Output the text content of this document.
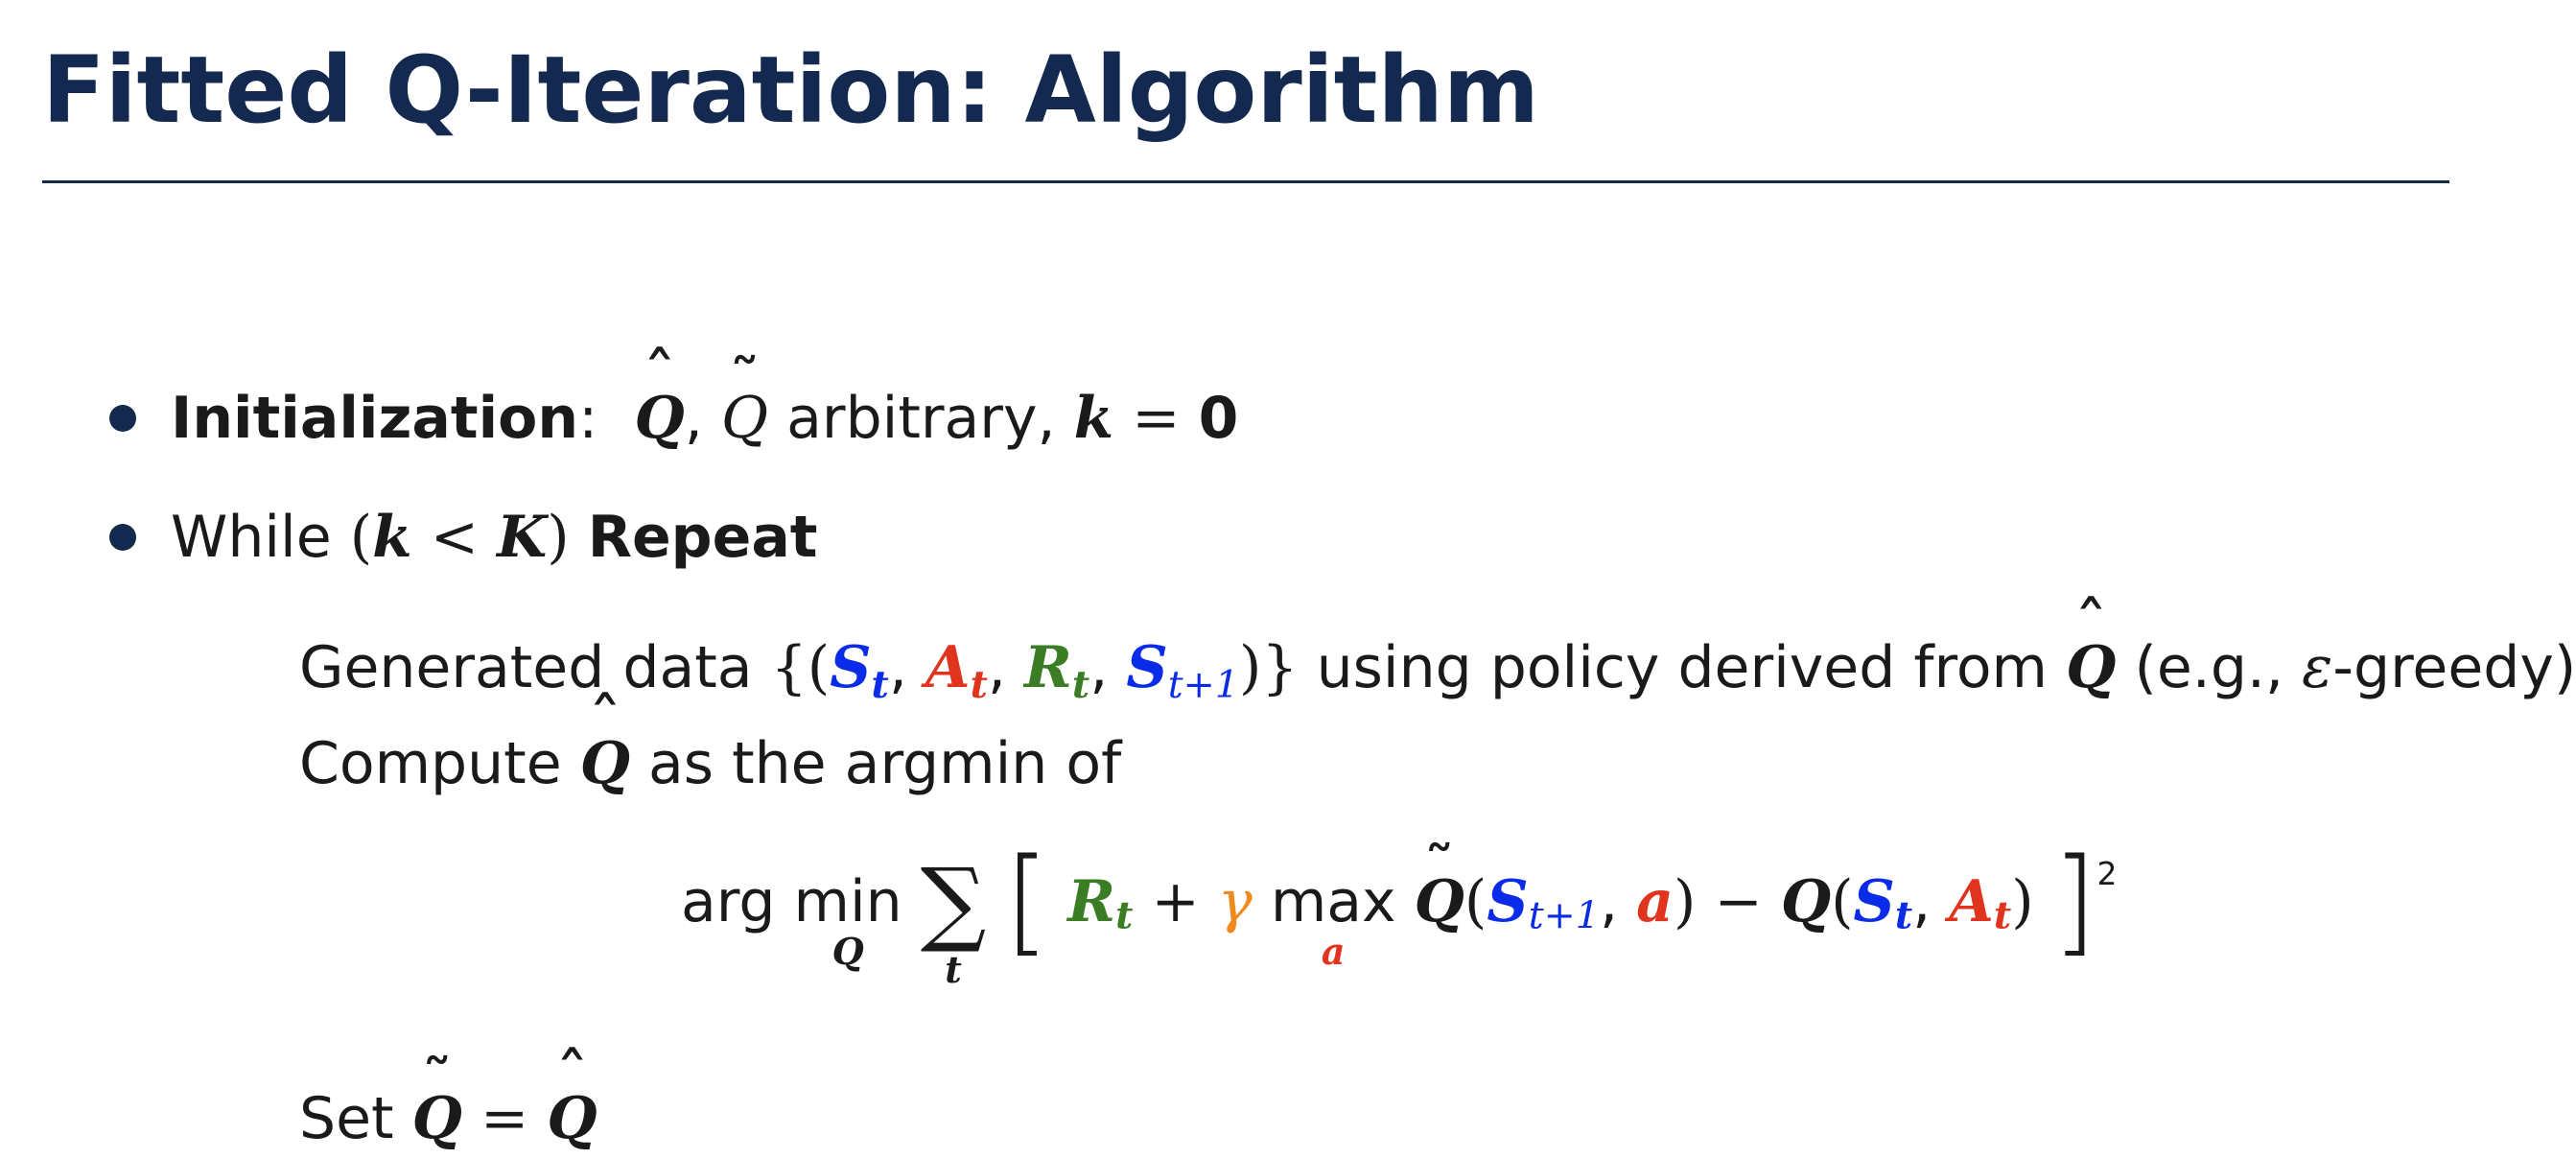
Fitted Q-Iteration: Algorithm
Initialization: ˆ Q, ˜ Q arbitrary, k = 0
While (k < K) Repeat
Generated data {($S_t$, $A_t$, $R_t$, $S_{t+1}$)} using policy derived from ˆ Q (e.g., ε-greedy)
Compute ˆ Q as the argmin of
arg min
Q ∑
t
[ $R_t + \gamma$ max
a
˜ $Q(S_{t+1}$, $a) - Q(S_t$, $A_t$) ]$^2$
Set ˜ Q = ˆ Q
